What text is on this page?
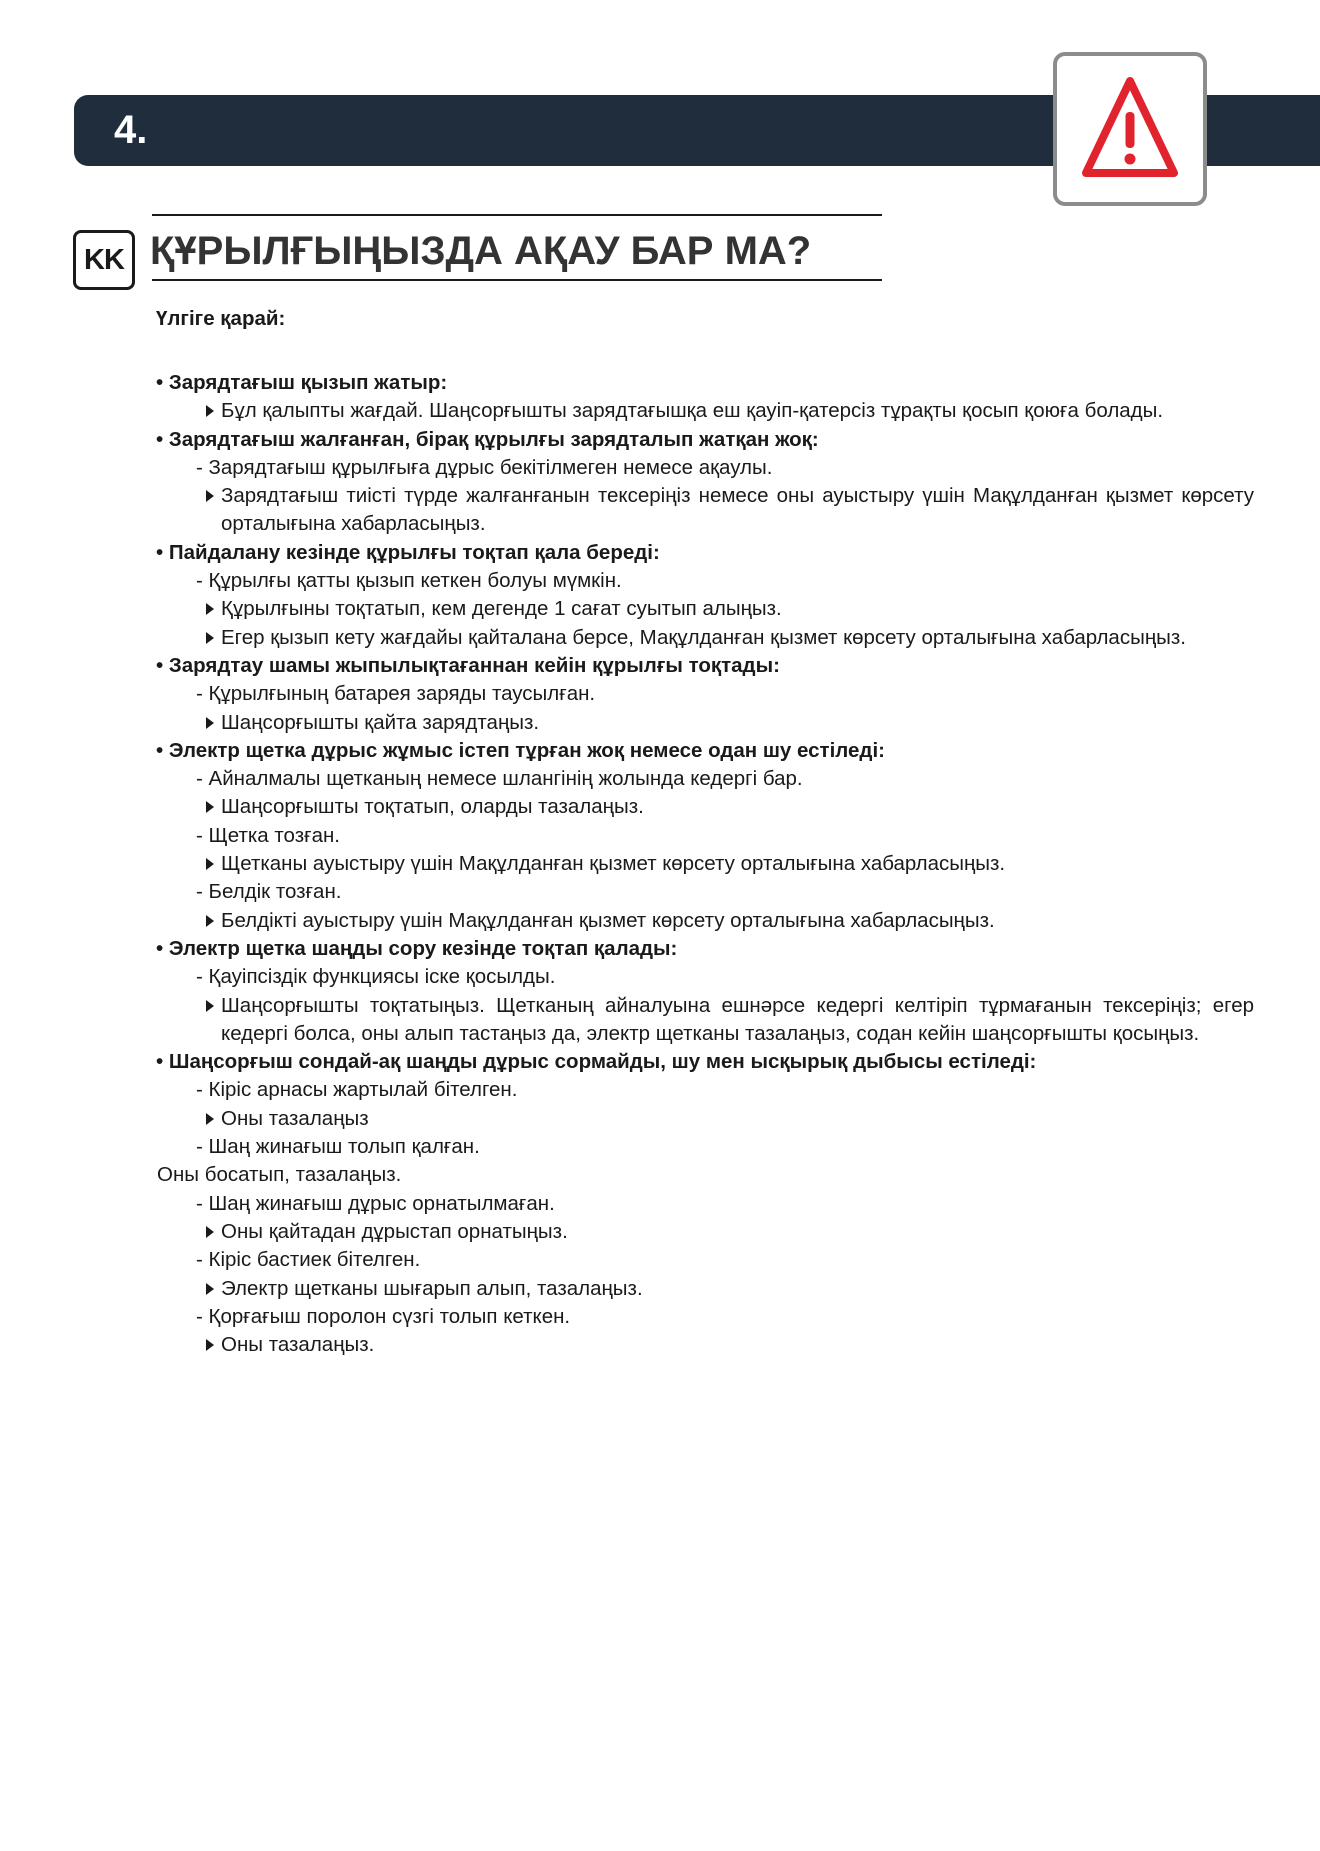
4.
KK ҚҰРЫЛҒЫҢЫЗДА АҚАУ БАР МА?
Үлгіге қарай:
• Зарядтағыш қызып жатыр:
Бұл қалыпты жағдай. Шаңсорғышты зарядтағышқа еш қауіп-қатерсіз тұрақты қосып қоюға болады.
• Зарядтағыш жалғанған, бірақ құрылғы зарядталып жатқан жоқ:
- Зарядтағыш құрылғыға дұрыс бекітілмеген немесе ақаулы.
Зарядтағыш тиісті түрде жалғанғанын тексеріңіз немесе оны ауыстыру үшін Мақұлданған қызмет көрсету орталығына хабарласыңыз.
• Пайдалану кезінде құрылғы тоқтап қала береді:
- Құрылғы қатты қызып кеткен болуы мүмкін.
Құрылғыны тоқтатып, кем дегенде 1 сағат суытып алыңыз.
Егер қызып кету жағдайы қайталана берсе, Мақұлданған қызмет көрсету орталығына хабарласыңыз.
• Зарядтау шамы жыпылықтағаннан кейін құрылғы тоқтады:
- Құрылғының батарея заряды таусылған.
Шаңсорғышты қайта зарядтаңыз.
• Электр щетка дұрыс жұмыс істеп тұрған жоқ немесе одан шу естіледі:
- Айналмалы щетканың немесе шлангінің жолында кедергі бар.
Шаңсорғышты тоқтатып, оларды тазалаңыз.
- Щетка тозған.
Щетканы ауыстыру үшін Мақұлданған қызмет көрсету орталығына хабарласыңыз.
- Белдік тозған.
Белдікті ауыстыру үшін Мақұлданған қызмет көрсету орталығына хабарласыңыз.
• Электр щетка шаңды сору кезінде тоқтап қалады:
- Қауіпсіздік функциясы іске қосылды.
Шаңсорғышты тоқтатыңыз. Щетканың айналуына ешнәрсе кедергі келтіріп тұрмағанын тексеріңіз; егер кедергі болса, оны алып тастаңыз да, электр щетканы тазалаңыз, содан кейін шаңсорғышты қосыңыз.
• Шаңсорғыш сондай-ақ шаңды дұрыс сормайды, шу мен ысқырық дыбысы естіледі:
- Кіріс арнасы жартылай бітелген.
Оны тазалаңыз
- Шаң жинағыш толып қалған.
Оны босатып, тазалаңыз.
- Шаң жинағыш дұрыс орнатылмаған.
Оны қайтадан дұрыстап орнатыңыз.
- Кіріс бастиек бітелген.
Электр щетканы шығарып алып, тазалаңыз.
- Қорғағыш поролон сүзгі толып кеткен.
Оны тазалаңыз.
